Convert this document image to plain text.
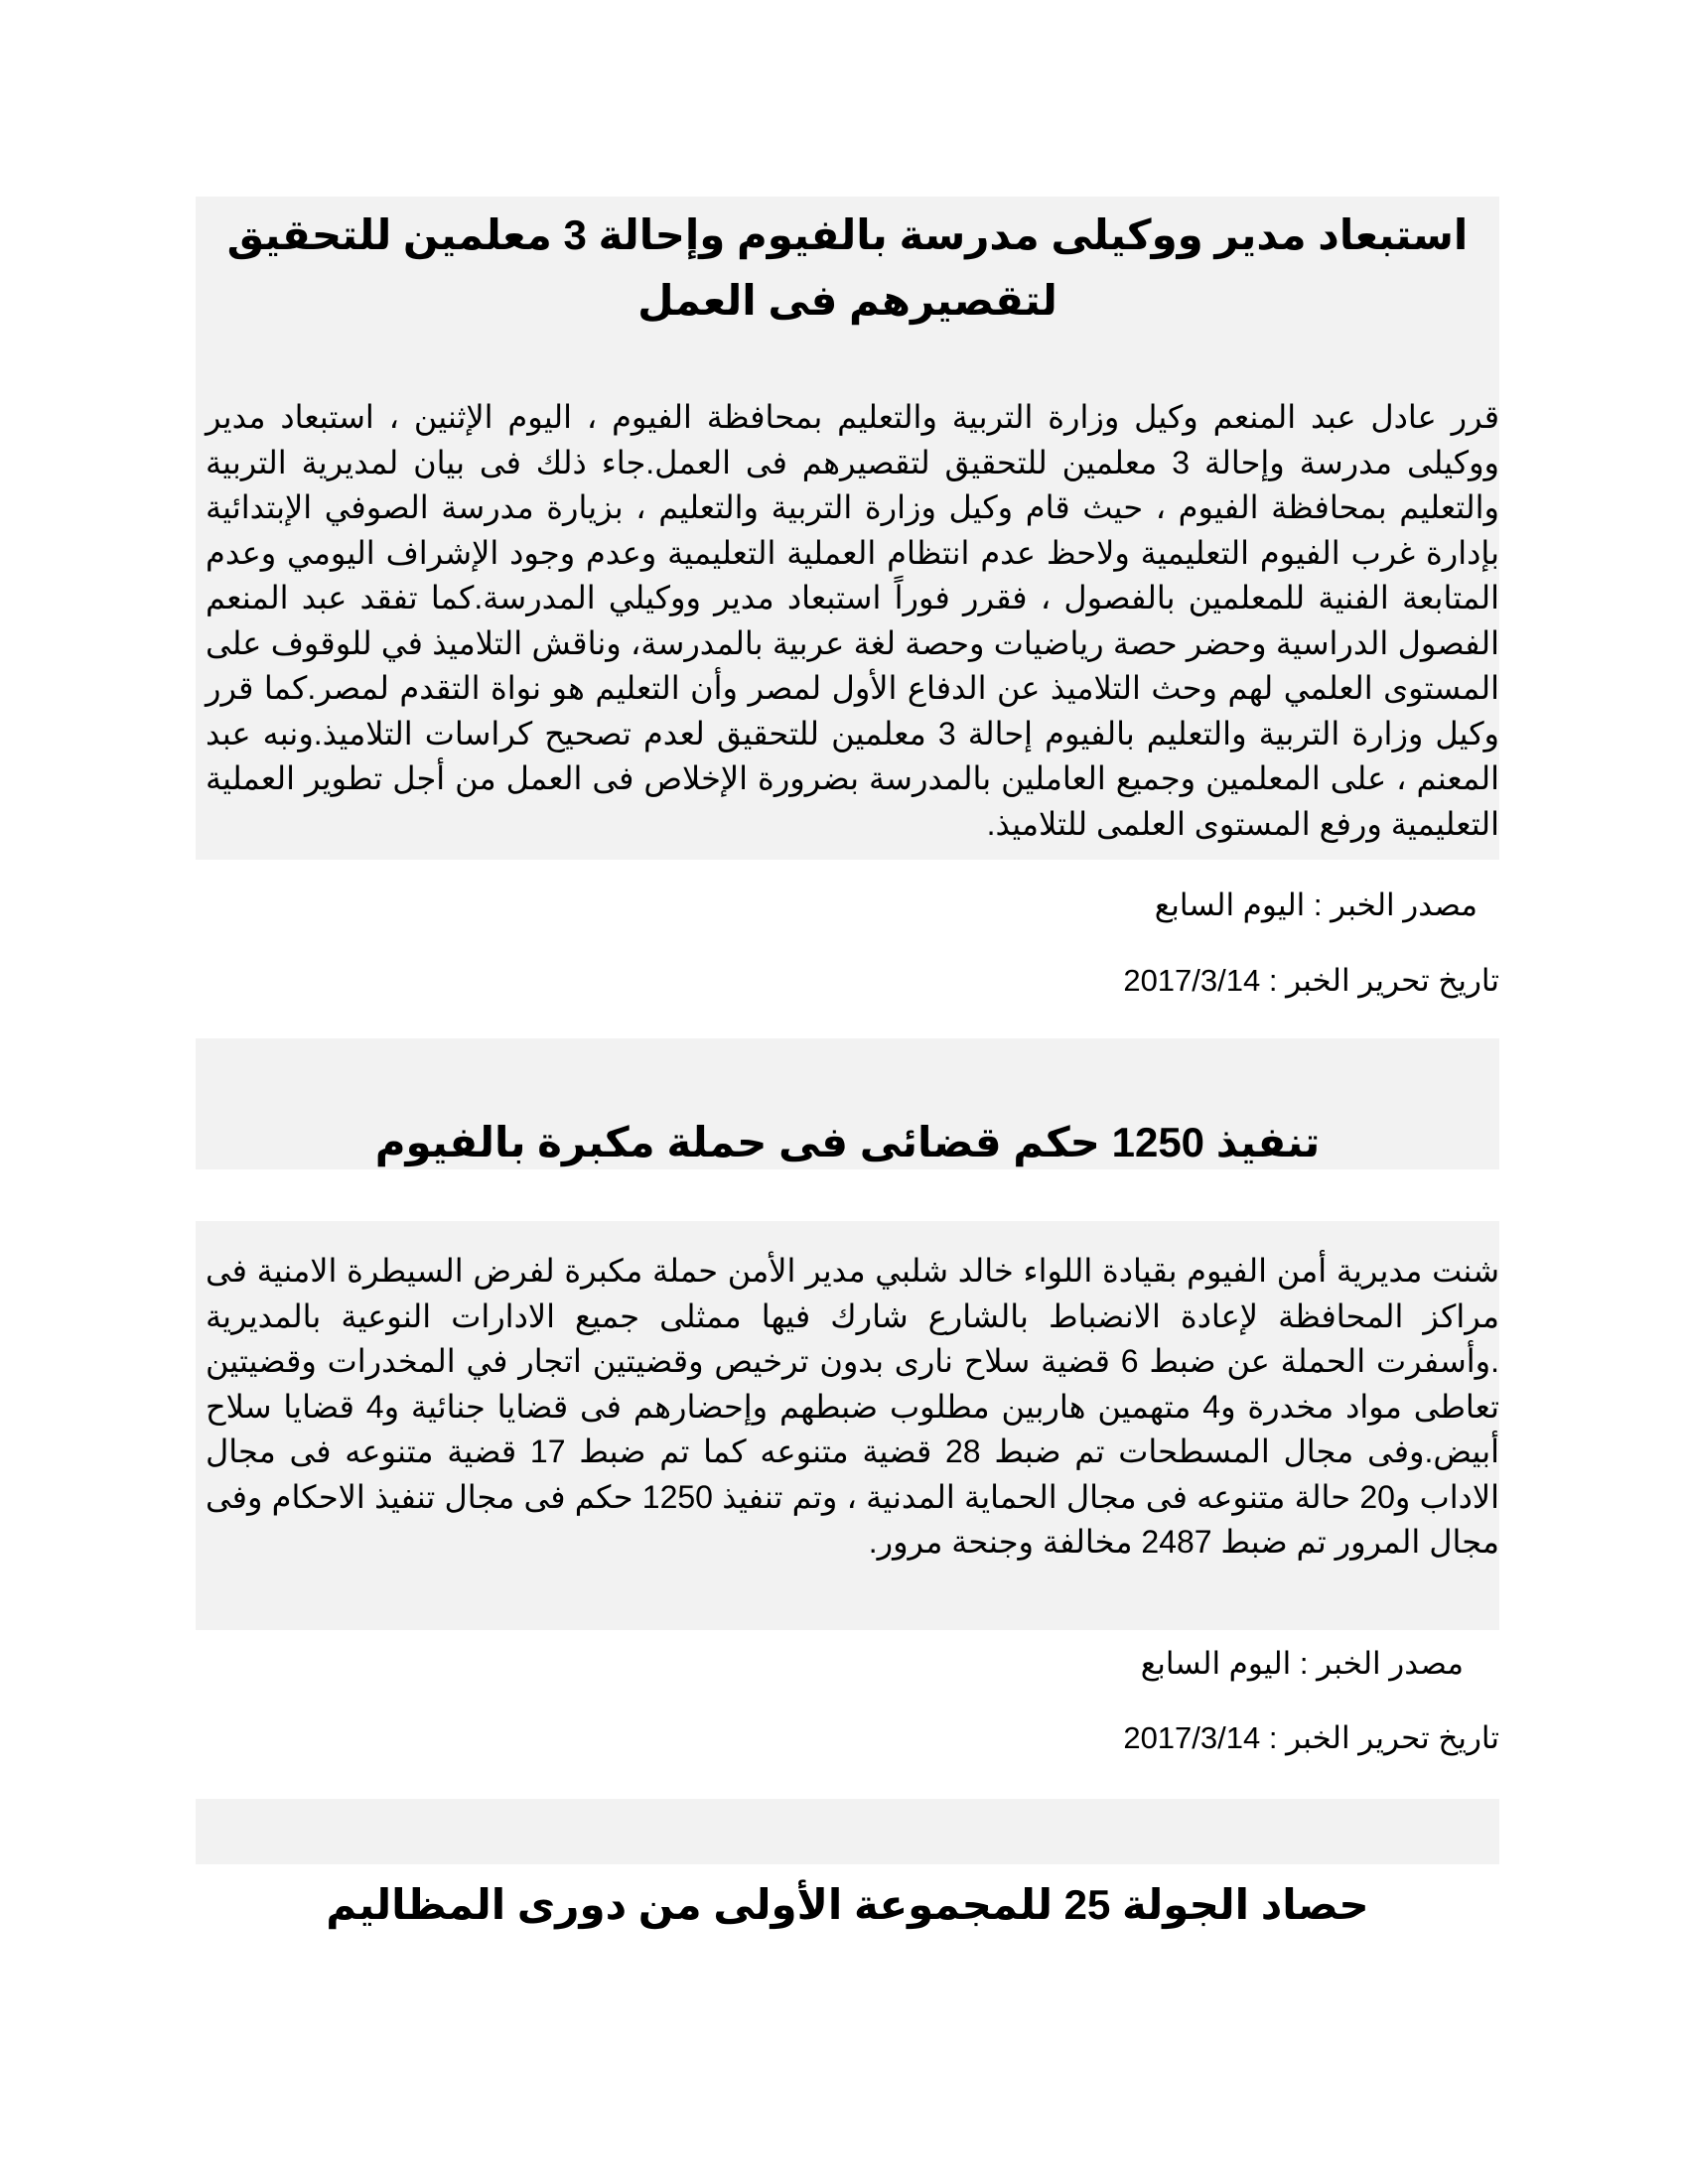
استبعاد مدير ووكيلى مدرسة بالفيوم وإحالة 3 معلمين للتحقيق لتقصيرهم فى العمل

قرر عادل عبد المنعم وكيل وزارة التربية والتعليم بمحافظة الفيوم ، اليوم الإثنين ، استبعاد مدير ووكيلى مدرسة وإحالة 3 معلمين للتحقيق لتقصيرهم فى العمل.جاء ذلك فى بيان لمديرية التربية والتعليم بمحافظة الفيوم ، حيث قام وكيل وزارة التربية والتعليم ، بزيارة مدرسة الصوفي الإبتدائية بإدارة غرب الفيوم التعليمية ولاحظ عدم انتظام العملية التعليمية وعدم وجود الإشراف اليومي وعدم المتابعة الفنية للمعلمين بالفصول ، فقرر فوراً استبعاد مدير ووكيلي المدرسة.كما تفقد عبد المنعم الفصول الدراسية وحضر حصة رياضيات وحصة لغة عربية بالمدرسة، وناقش التلاميذ في للوقوف على المستوى العلمي لهم وحث التلاميذ عن الدفاع الأول لمصر وأن التعليم هو نواة التقدم لمصر.كما قرر وكيل وزارة التربية والتعليم بالفيوم إحالة 3 معلمين للتحقيق لعدم تصحيح كراسات التلاميذ.ونبه عبد المعنم ، على المعلمين وجميع العاملين بالمدرسة بضرورة الإخلاص فى العمل من أجل تطوير العملية التعليمية ورفع المستوى العلمى للتلاميذ.

مصدر الخبر : اليوم السابع
تاريخ تحرير الخبر : 2017/3/14
تنفيذ 1250 حكم قضائى فى حملة مكبرة بالفيوم

شنت مديرية أمن الفيوم بقيادة اللواء خالد شلبي مدير الأمن حملة مكبرة لفرض السيطرة الامنية فى مراكز المحافظة لإعادة الانضباط بالشارع شارك فيها ممثلى جميع الادارات النوعية بالمديرية .وأسفرت الحملة عن ضبط 6 قضية سلاح نارى بدون ترخيص وقضيتين اتجار في المخدرات وقضيتين تعاطى مواد مخدرة و4 متهمين هاربين مطلوب ضبطهم وإحضارهم فى قضايا جنائية و4 قضايا سلاح أبيض.وفى مجال المسطحات تم ضبط 28 قضية متنوعه كما تم ضبط 17 قضية متنوعه فى مجال الاداب و20 حالة متنوعه فى مجال الحماية المدنية ، وتم تنفيذ 1250 حكم فى مجال تنفيذ الاحكام وفى مجال المرور تم ضبط 2487 مخالفة وجنحة مرور.

مصدر الخبر : اليوم السابع
تاريخ تحرير الخبر : 2017/3/14
حصاد الجولة 25 للمجموعة الأولى من دورى المظاليم
